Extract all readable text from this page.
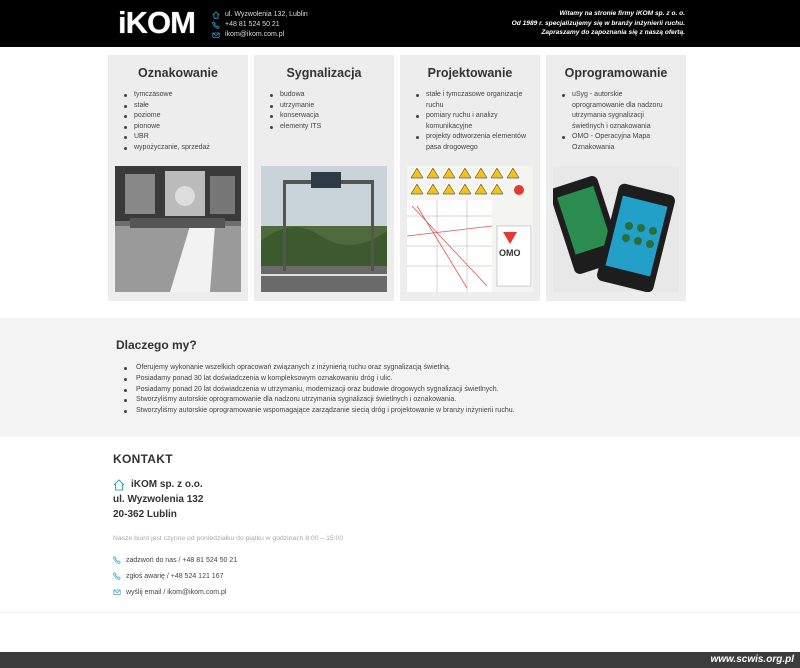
iKOM	ul. Wyzwolenia 132, Lublin
+48 81 524 50 21
ikom@ikom.com.pl
Witamy na stronie firmy iKOM sp. z o. o.
Od 1989 r. specjalizujemy się w branży inżynierii ruchu.
Zapraszamy do zapoznania się z naszą ofertą.
Oznakowanie
tymczasowe
stałe
poziome
pionowe
UBR
wypożyczanie, sprzedaż
Sygnalizacja
budowa
utrzymanie
konserwacja
elementy ITS
Projektowanie
stałe i tymczasowe organizacje ruchu
pomiary ruchu i analizy komunikacyjne
projekty odtworzenia elementów pasa drogowego
OMO
Oprogramowanie
uSyg - autorskie oprogramowanie dla nadzoru utrzymania sygnalizacji świetlnych i oznakowania
OMO - Operacyjna Mapa Oznakowania
Dlaczego my?
Oferujemy wykonanie wszelkich opracowań związanych z inżynierią ruchu oraz sygnalizacją świetlną.
Posiadamy ponad 30 lat doświadczenia w kompleksowym oznakowaniu dróg i ulic.
Posiadamy ponad 20 lat doświadczenia w utrzymaniu, modernizacji oraz budowie drogowych sygnalizacji świetlnych.
Stworzyliśmy autorskie oprogramowanie dla nadzoru utrzymania sygnalizacji świetlnych i oznakowania.
Stworzyliśmy autorskie oprogramowanie wspomagające zarządzanie siecią dróg i projektowanie w branży inżynierii ruchu.
KONTAKT
iKOM sp. z o.o.
ul. Wyzwolenia 132
20-362 Lublin
Nasze biuro jest czynne od poniedziałku do piątku w godzinach 8:00 – 15:00
zadzwoń do nas / +48 81 524 50 21
zgłoś awarię / +48 524 121 167
wyślij email / ikom@ikom.com.pl
www.scwis.org.pl
